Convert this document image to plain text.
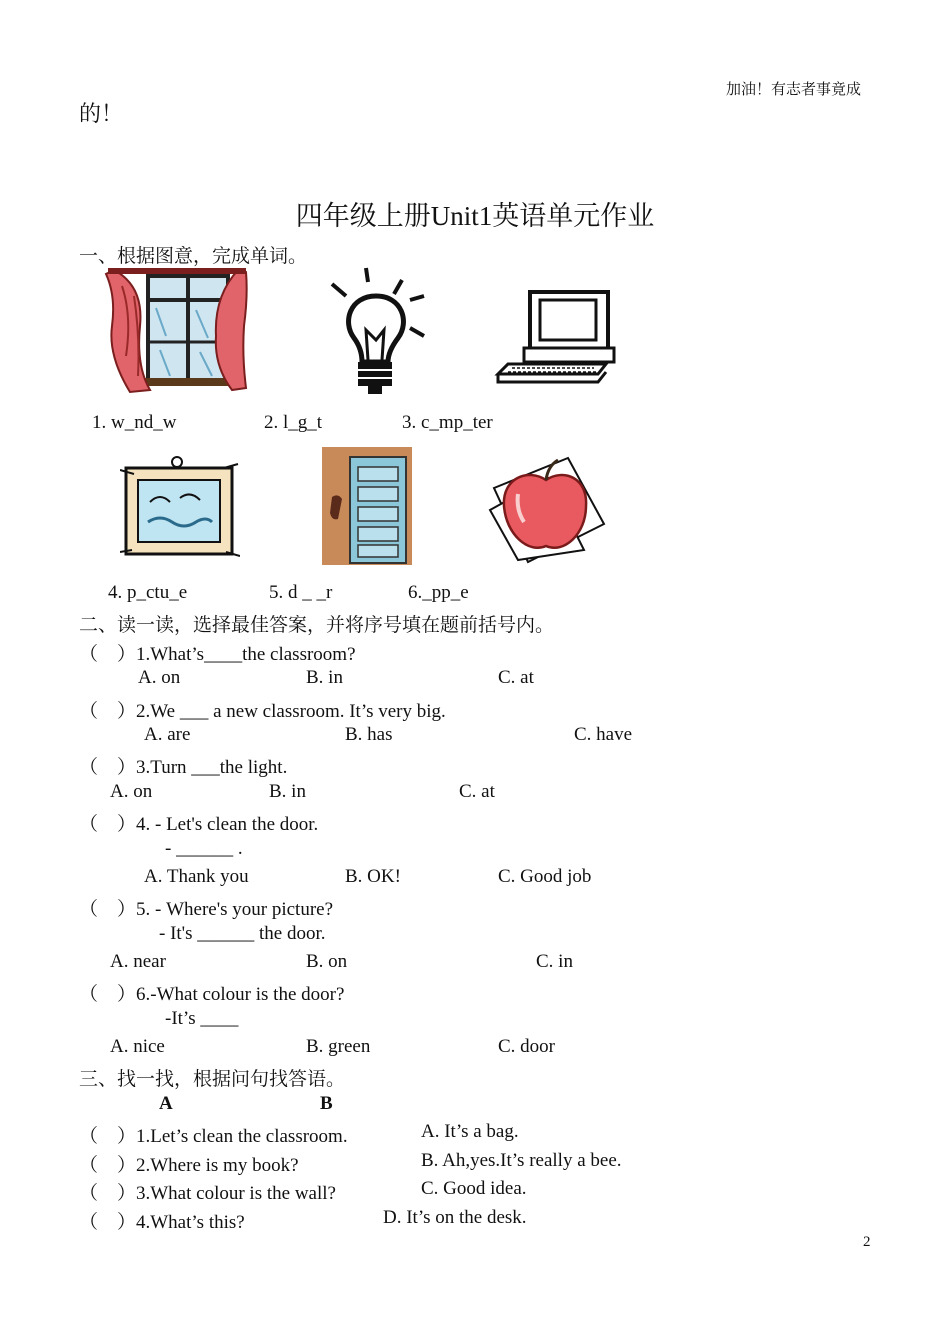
加油！有志者事竟成
的！
四年级上册Unit1英语单元作业
一、根据图意，完成单词。
1. w_nd_w	2. l_g_t	3. c_mp_ter
4. p_ctu_e	5. d _ _r	6._pp_e
二、读一读，选择最佳答案，并将序号填在题前括号内。
（　）1.What’s____the classroom?
A. on	B. in	C. at
（　）2.We ___ a new classroom. It’s very big.
A. are	B. has	C. have
（　）3.Turn ___the light.
A. on	B. in	C. at
（　）4. - Let's clean the door.
- ______ .
A. Thank you	B. OK!	C. Good job
（　）5. - Where's your picture?
- It's ______ the door.
A. near	B. on	C. in
（　）6.-What colour is the door?
-It’s ____
A. nice	B. green	C. door
三、找一找，根据问句找答语。
A	B
（　）1.Let’s clean the classroom.	A. It’s a bag.
（　）2.Where is my book?	B. Ah,yes.It’s really a bee.
（　）3.What colour is the wall?	C. Good idea.
（　）4.What’s this?	D. It’s on the desk.
2
